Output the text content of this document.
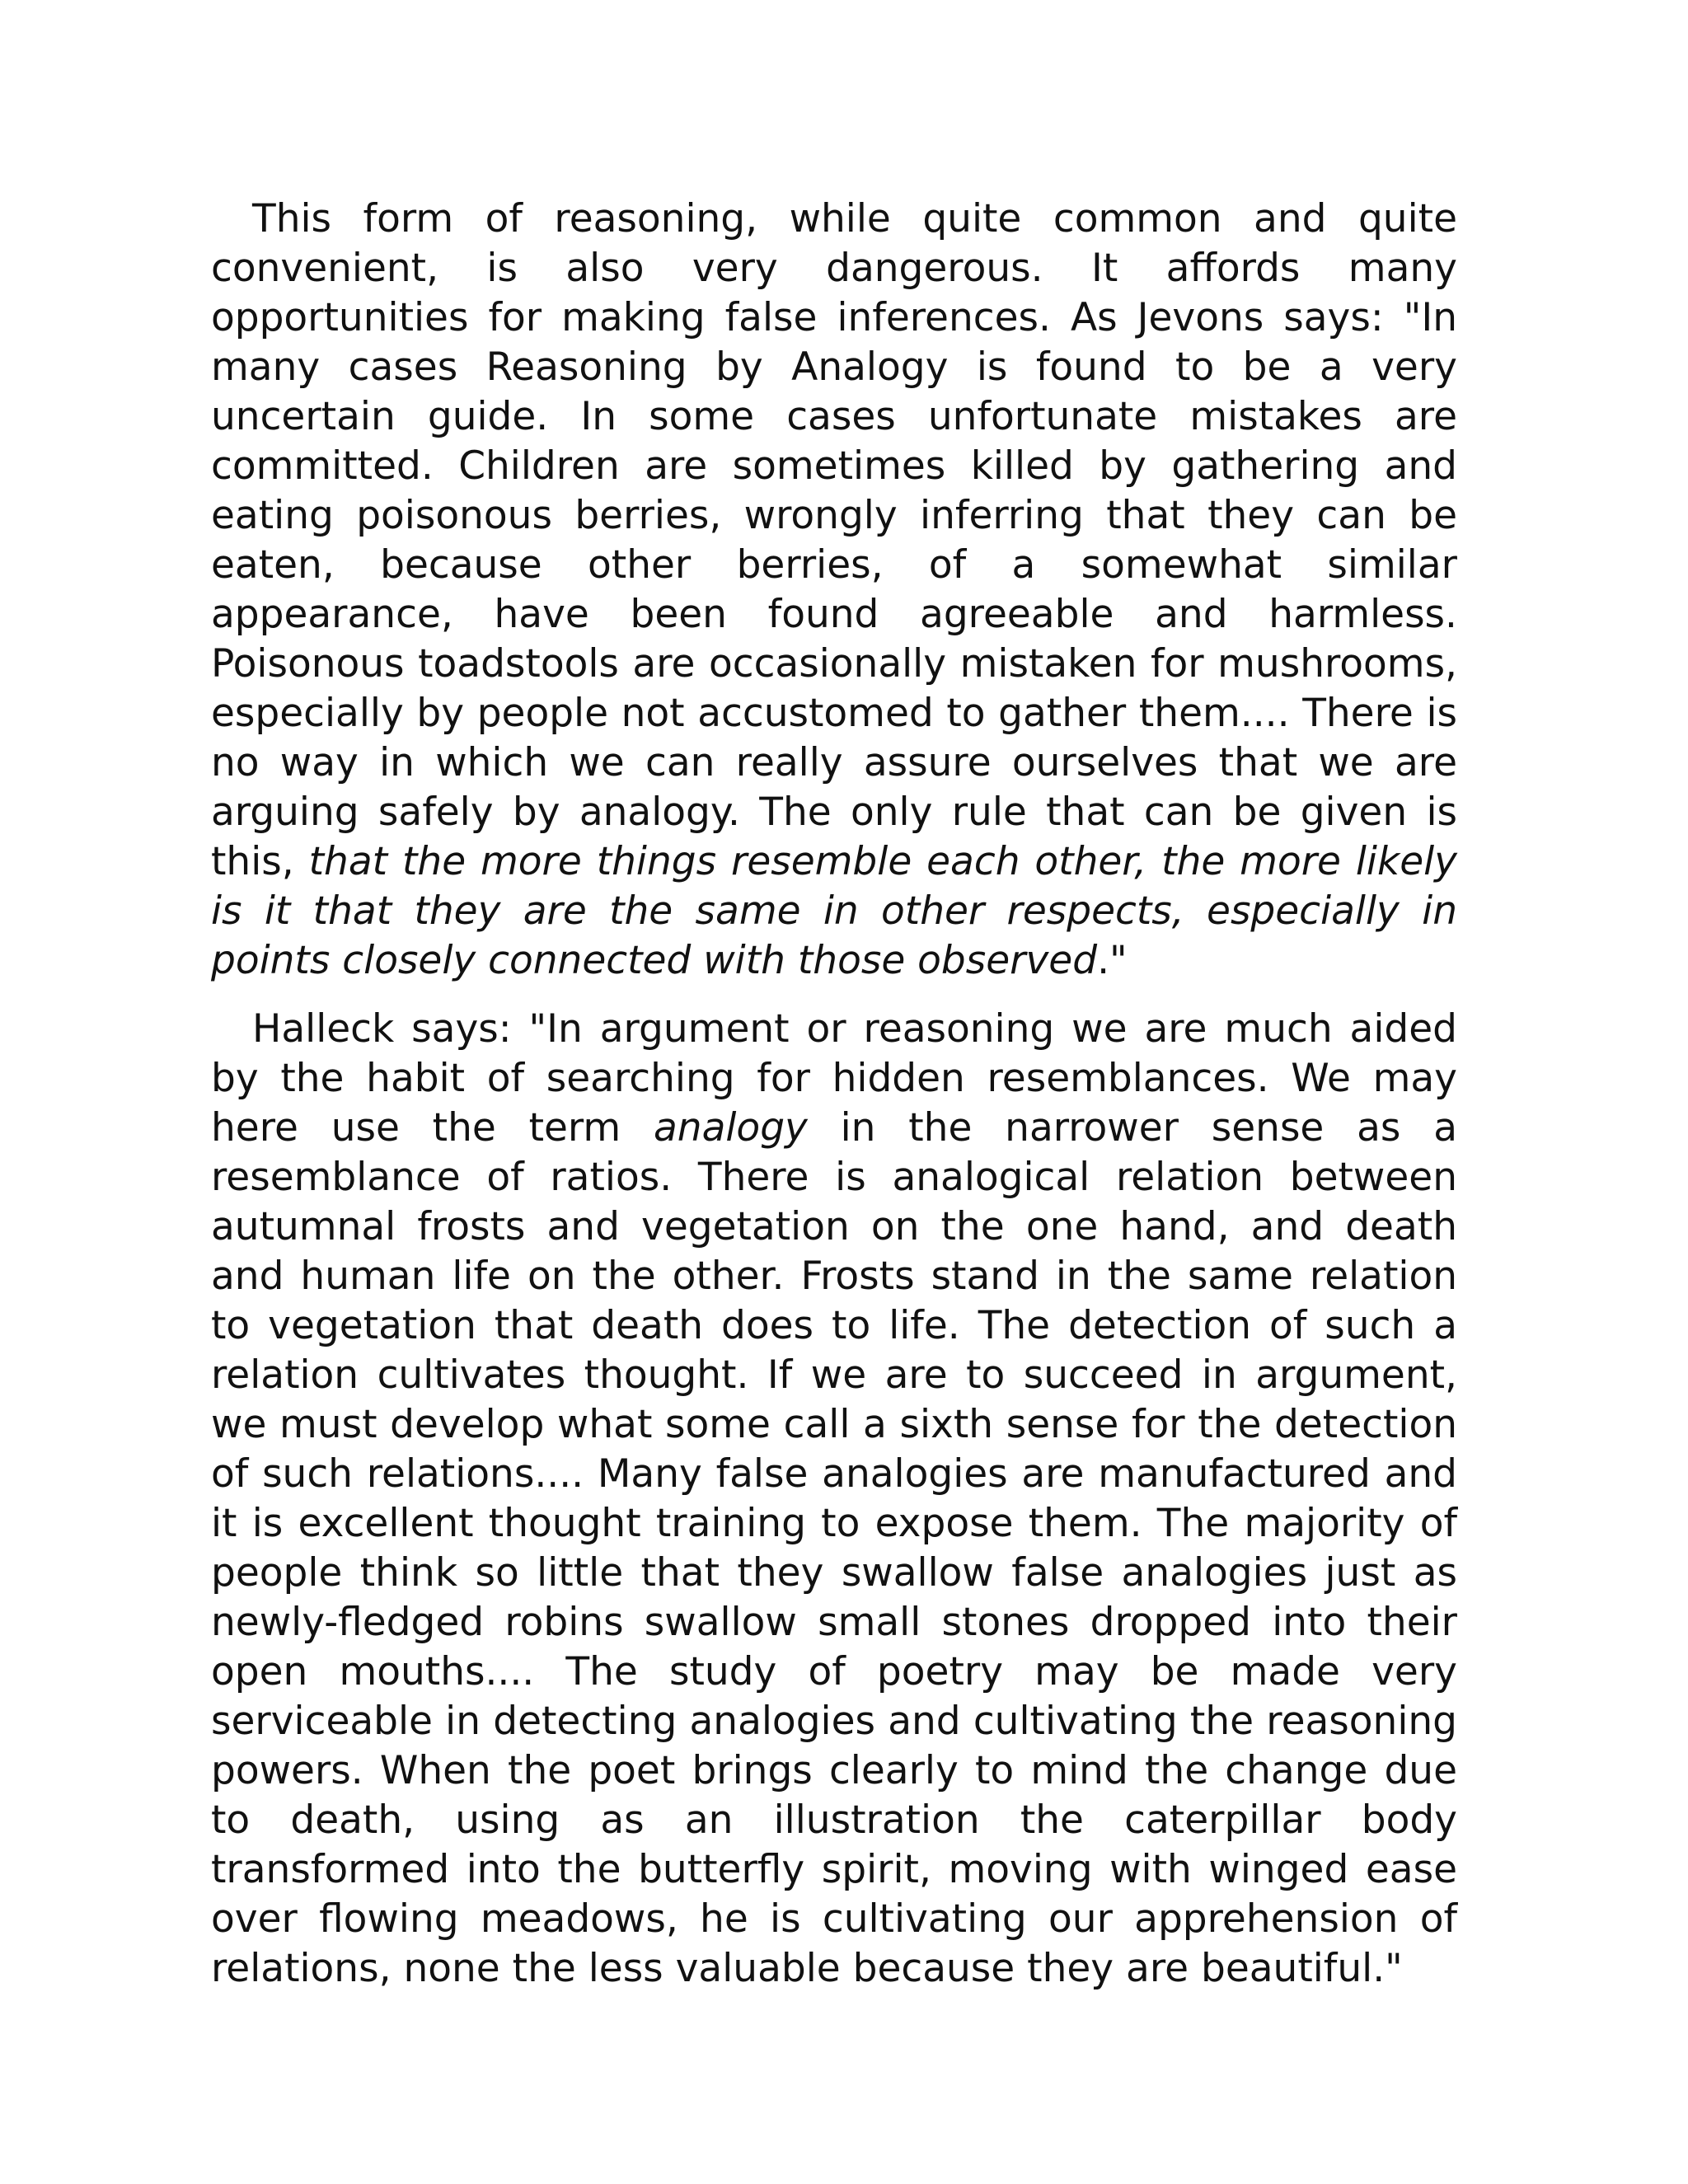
This form of reasoning, while quite common and quite convenient, is also very dangerous. It affords many opportunities for making false inferences. As Jevons says: "In many cases Reasoning by Analogy is found to be a very uncertain guide. In some cases unfortunate mistakes are committed. Children are sometimes killed by gathering and eating poisonous berries, wrongly inferring that they can be eaten, because other berries, of a somewhat similar appearance, have been found agreeable and harmless. Poisonous toadstools are occasionally mistaken for mushrooms, especially by people not accustomed to gather them.... There is no way in which we can really assure ourselves that we are arguing safely by analogy. The only rule that can be given is this, that the more things resemble each other, the more likely is it that they are the same in other respects, especially in points closely connected with those observed."

Halleck says: "In argument or reasoning we are much aided by the habit of searching for hidden resemblances. We may here use the term analogy in the narrower sense as a resemblance of ratios. There is analogical relation between autumnal frosts and vegetation on the one hand, and death and human life on the other. Frosts stand in the same relation to vegetation that death does to life. The detection of such a relation cultivates thought. If we are to succeed in argument, we must develop what some call a sixth sense for the detection of such relations.... Many false analogies are manufactured and it is excellent thought training to expose them. The majority of people think so little that they swallow false analogies just as newly-fledged robins swallow small stones dropped into their open mouths.... The study of poetry may be made very serviceable in detecting analogies and cultivating the reasoning powers. When the poet brings clearly to mind the change due to death, using as an illustration the caterpillar body transformed into the butterfly spirit, moving with winged ease over flowing meadows, he is cultivating our apprehension of relations, none the less valuable because they are beautiful."
